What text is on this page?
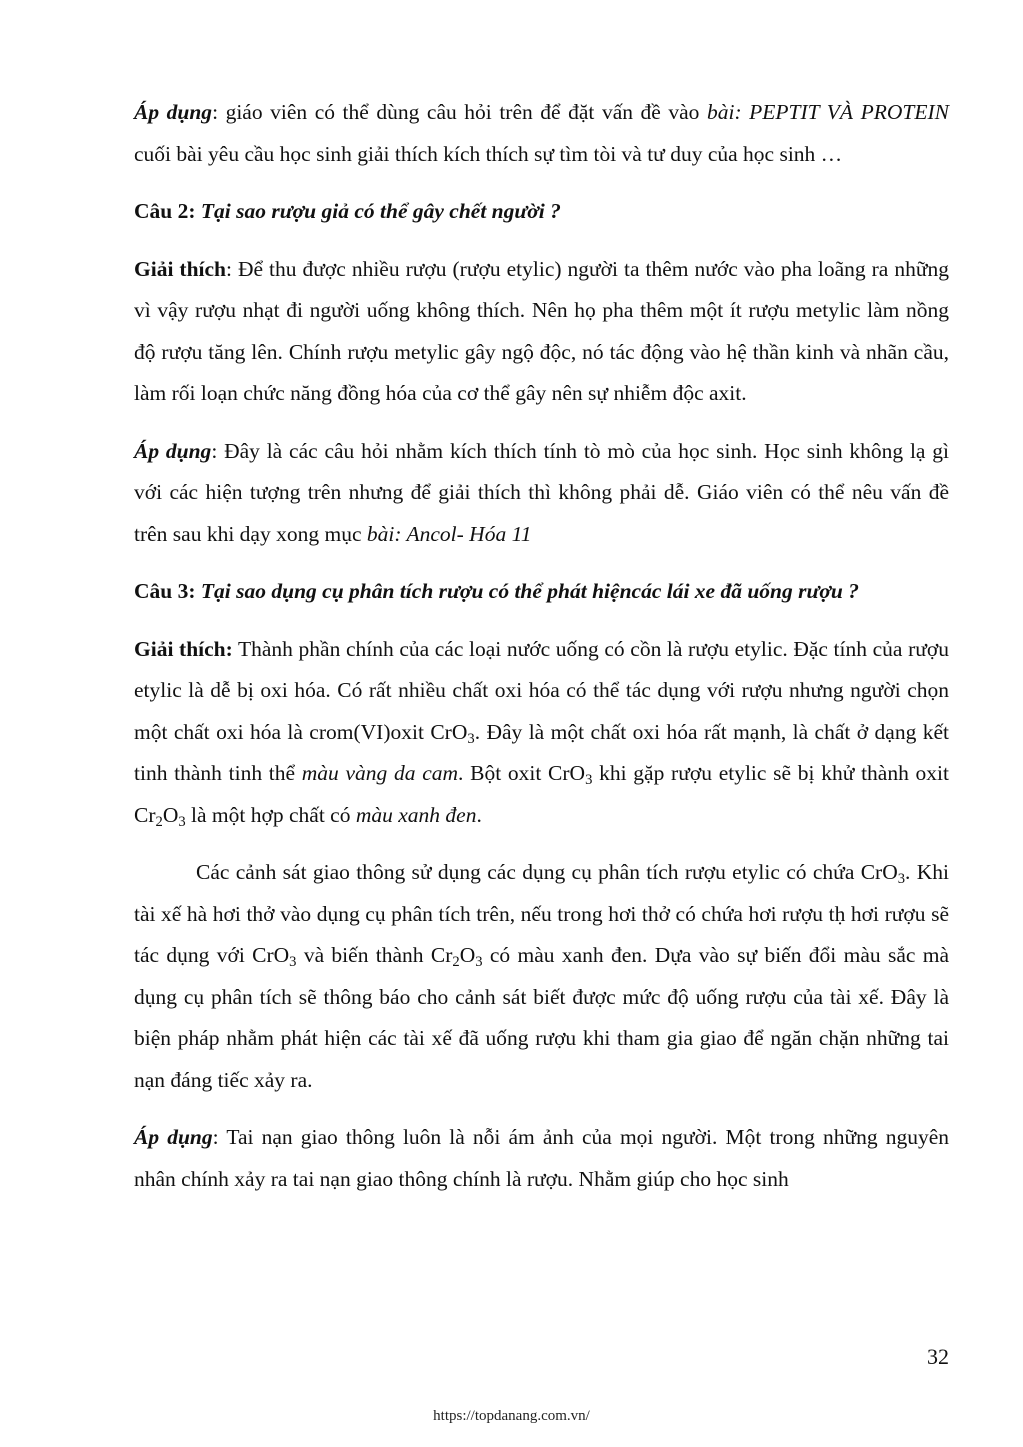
Áp dụng: giáo viên có thể dùng câu hỏi trên để đặt vấn đề vào bài: PEPTIT VÀ PROTEIN cuối bài yêu cầu học sinh giải thích kích thích sự tìm tòi và tư duy của học sinh …

Câu 2: Tại sao rượu giả có thể gây chết người ?

Giải thích: Để thu được nhiều rượu (rượu etylic) người ta thêm nước vào pha loãng ra những vì vậy rượu nhạt đi người uống không thích. Nên họ pha thêm một ít rượu metylic làm nồng độ rượu tăng lên. Chính rượu metylic gây ngộ độc, nó tác động vào hệ thần kinh và nhãn cầu, làm rối loạn chức năng đồng hóa của cơ thể gây nên sự nhiễm độc axit.

Áp dụng: Đây là các câu hỏi nhằm kích thích tính tò mò của học sinh. Học sinh không lạ gì với các hiện tượng trên nhưng để giải thích thì không phải dễ. Giáo viên có thể nêu vấn đề trên sau khi dạy xong mục bài: Ancol- Hóa 11

Câu 3: Tại sao dụng cụ phân tích rượu có thể phát hiệncác lái xe đã uống rượu ?

Giải thích: Thành phần chính của các loại nước uống có cồn là rượu etylic. Đặc tính của rượu etylic là dễ bị oxi hóa. Có rất nhiều chất oxi hóa có thể tác dụng với rượu nhưng người chọn một chất oxi hóa là crom(VI)oxit CrO$_3$. Đây là một chất oxi hóa rất mạnh, là chất ở dạng kết tinh thành tinh thể màu vàng da cam. Bột oxit CrO$_3$ khi gặp rượu etylic sẽ bị khử thành oxit $Cr_2O_3$ là một hợp chất có màu xanh đen.

Các cảnh sát giao thông sử dụng các dụng cụ phân tích rượu etylic có chứa CrO$_3$. Khi tài xế hà hơi thở vào dụng cụ phân tích trên, nếu trong hơi thở có chứa hơi rượu tḥ hơi rượu sẽ tác dụng với CrO$_3$ và biến thành $Cr_2O_3$ có màu xanh đen. Dựa vào sự biến đổi màu sắc mà dụng cụ phân tích sẽ thông báo cho cảnh sát biết được mức độ uống rượu của tài xế. Đây là biện pháp nhằm phát hiện các tài xế đã uống rượu khi tham gia giao để ngăn chặn những tai nạn đáng tiếc xảy ra.

Áp dụng: Tai nạn giao thông luôn là nỗi ám ảnh của mọi người. Một trong những nguyên nhân chính xảy ra tai nạn giao thông chính là rượu. Nhằm giúp cho học sinh

32
https://topdanang.com.vn/
